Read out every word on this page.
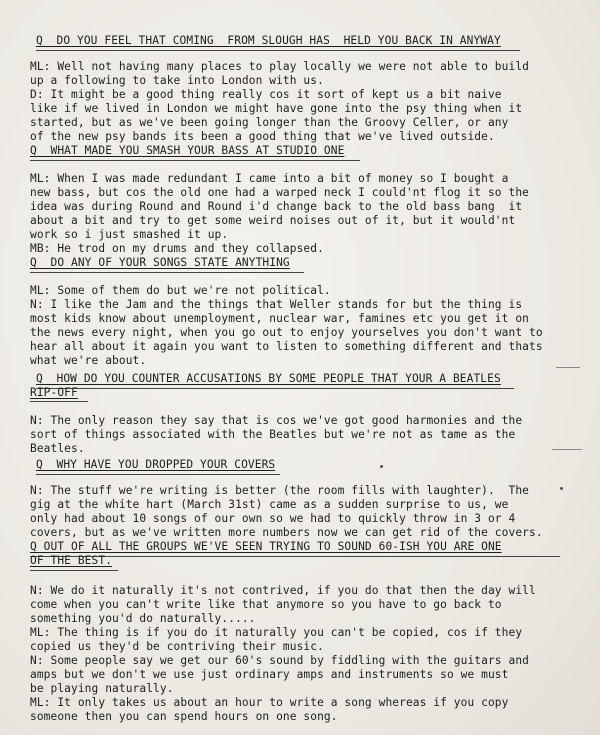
Q  DO YOU FEEL THAT COMING  FROM SLOUGH HAS  HELD YOU BACK IN ANYWAY
ML: Well not having many places to play locally we were not able to build
up a following to take into London with us.
D: It might be a good thing really cos it sort of kept us a bit naive
like if we lived in London we might have gone into the psy thing when it
started, but as we've been going longer than the Groovy Celler, or any
of the new psy bands its been a good thing that we've lived outside.
Q  WHAT MADE YOU SMASH YOUR BASS AT STUDIO ONE
ML: When I was made redundant I came into a bit of money so I bought a
new bass, but cos the old one had a warped neck I could'nt flog it so the
idea was during Round and Round i'd change back to the old bass bang  it
about a bit and try to get some weird noises out of it, but it would'nt
work so i just smashed it up.
MB: He trod on my drums and they collapsed.
Q  DO ANY OF YOUR SONGS STATE ANYTHING
ML: Some of them do but we're not political.
N: I like the Jam and the things that Weller stands for but the thing is
most kids know about unemployment, nuclear war, famines etc you get it on
the news every night, when you go out to enjoy yourselves you don't want to
hear all about it again you want to listen to something different and thats
what we're about.
Q  HOW DO YOU COUNTER ACCUSATIONS BY SOME PEOPLE THAT YOUR A BEATLES
RIP-OFF
N: The only reason they say that is cos we've got good harmonies and the
sort of things associated with the Beatles but we're not as tame as the
Beatles.
Q  WHY HAVE YOU DROPPED YOUR COVERS
N: The stuff we're writing is better (the room fills with laughter).  The
gig at the white hart (March 31st) came as a sudden surprise to us, we
only had about 10 songs of our own so we had to quickly throw in 3 or 4
covers, but as we've written more numbers now we can get rid of the covers.
Q OUT OF ALL THE GROUPS WE'VE SEEN TRYING TO SOUND 60-ISH YOU ARE ONE
OF THE BEST.
N: We do it naturally it's not contrived, if you do that then the day will
come when you can't write like that anymore so you have to go back to
something you'd do naturally.....
ML: The thing is if you do it naturally you can't be copied, cos if they
copied us they'd be contriving their music.
N: Some people say we get our 60's sound by fiddling with the guitars and
amps but we don't we use just ordinary amps and instruments so we must
be playing naturally.
ML: It only takes us about an hour to write a song whereas if you copy
someone then you can spend hours on one song.
